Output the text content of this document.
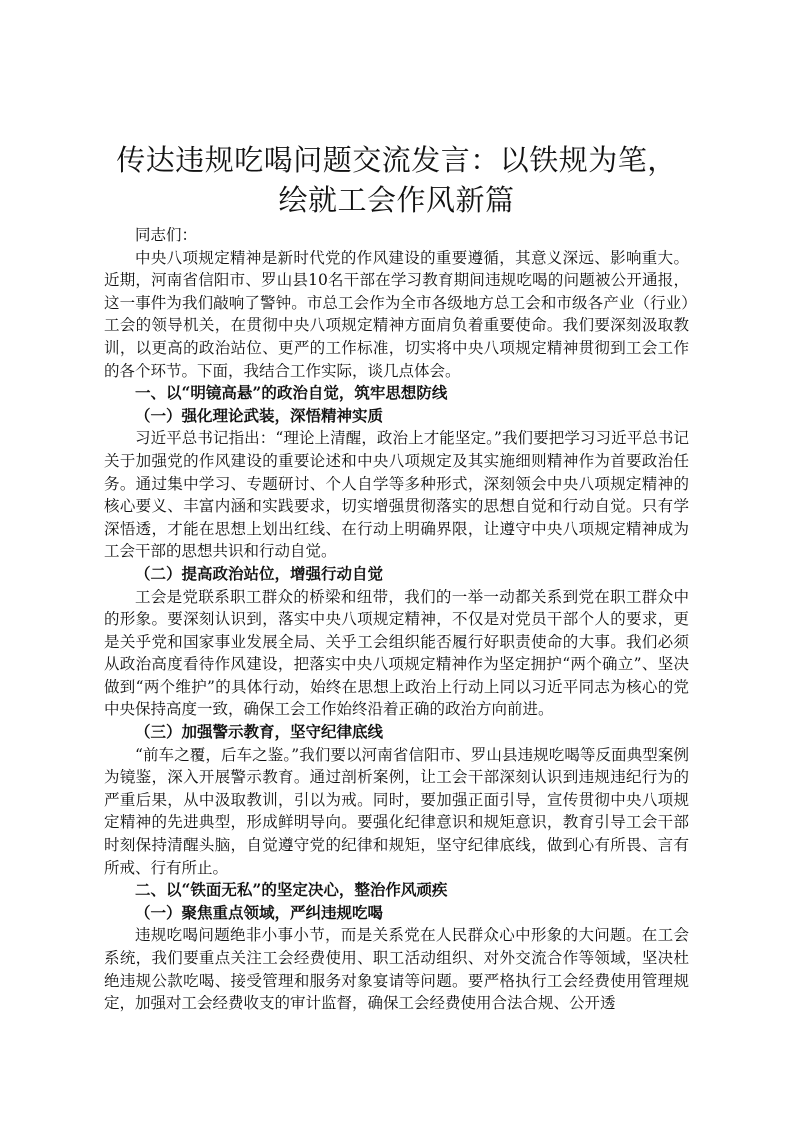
传达违规吃喝问题交流发言：以铁规为笔，绘就工会作风新篇

同志们：

中央八项规定精神是新时代党的作风建设的重要遵循，其意义深远、影响重大。近期，河南省信阳市、罗山县10名干部在学习教育期间违规吃喝的问题被公开通报，这一事件为我们敲响了警钟。市总工会作为全市各级地方总工会和市级各产业（行业）工会的领导机关，在贯彻中央八项规定精神方面肩负着重要使命。我们要深刻汲取教训，以更高的政治站位、更严的工作标准，切实将中央八项规定精神贯彻到工会工作的各个环节。下面，我结合工作实际，谈几点体会。

一、以“明镜高悬”的政治自觉，筑牢思想防线

（一）强化理论武装，深悟精神实质

习近平总书记指出：“理论上清醒，政治上才能坚定。”我们要把学习习近平总书记关于加强党的作风建设的重要论述和中央八项规定及其实施细则精神作为首要政治任务。通过集中学习、专题研讨、个人自学等多种形式，深刻领会中央八项规定精神的核心要义、丰富内涵和实践要求，切实增强贯彻落实的思想自觉和行动自觉。只有学深悟透，才能在思想上划出红线、在行动上明确界限，让遵守中央八项规定精神成为工会干部的思想共识和行动自觉。

（二）提高政治站位，增强行动自觉

工会是党联系职工群众的桥梁和纽带，我们的一举一动都关系到党在职工群众中的形象。要深刻认识到，落实中央八项规定精神，不仅是对党员干部个人的要求，更是关乎党和国家事业发展全局、关乎工会组织能否履行好职责使命的大事。我们必须从政治高度看待作风建设，把落实中央八项规定精神作为坚定拥护“两个确立”、坚决做到“两个维护”的具体行动，始终在思想上政治上行动上同以习近平同志为核心的党中央保持高度一致，确保工会工作始终沿着正确的政治方向前进。

（三）加强警示教育，坚守纪律底线

“前车之覆，后车之鉴。”我们要以河南省信阳市、罗山县违规吃喝等反面典型案例为镜鉴，深入开展警示教育。通过剖析案例，让工会干部深刻认识到违规违纪行为的严重后果，从中汲取教训，引以为戒。同时，要加强正面引导，宣传贯彻中央八项规定精神的先进典型，形成鲜明导向。要强化纪律意识和规矩意识，教育引导工会干部时刻保持清醒头脑，自觉遵守党的纪律和规矩，坚守纪律底线，做到心有所畏、言有所戒、行有所止。

二、以“铁面无私”的坚定决心，整治作风顽疾

（一）聚焦重点领域，严纠违规吃喝

违规吃喝问题绝非小事小节，而是关系党在人民群众心中形象的大问题。在工会系统，我们要重点关注工会经费使用、职工活动组织、对外交流合作等领域，坚决杜绝违规公款吃喝、接受管理和服务对象宴请等问题。要严格执行工会经费使用管理规定，加强对工会经费收支的审计监督，确保工会经费使用合法合规、公开透
